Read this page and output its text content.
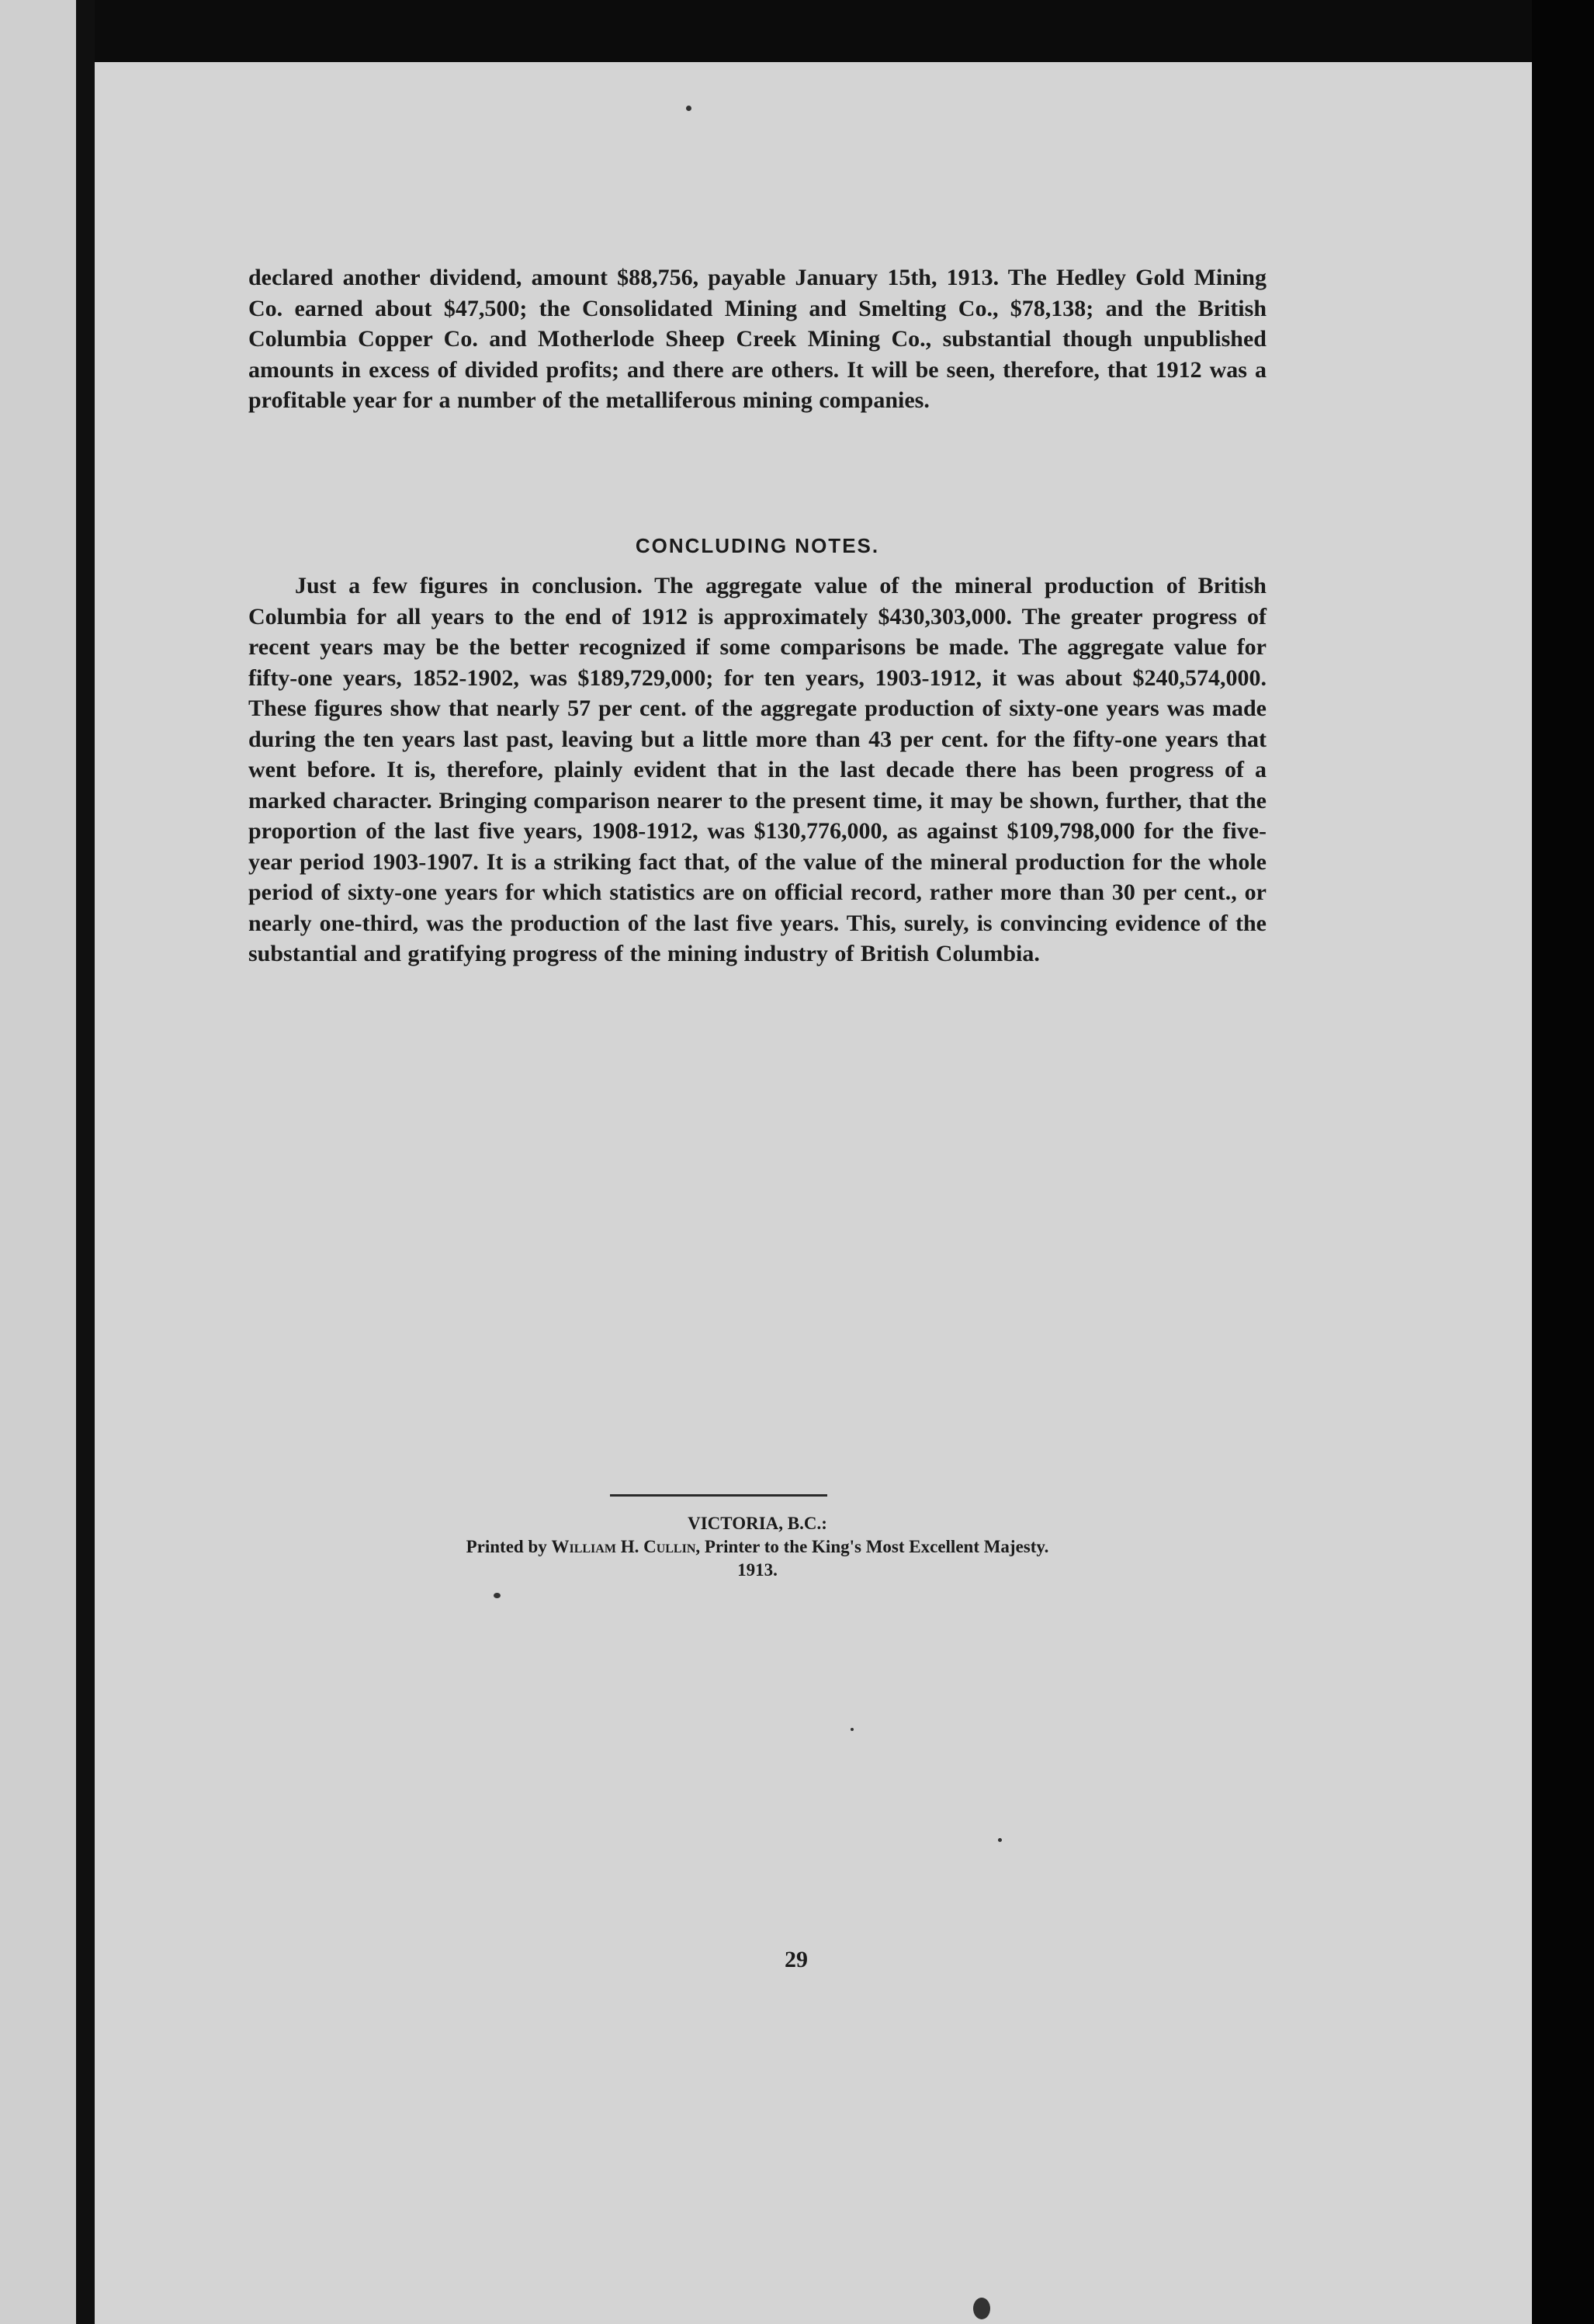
declared another dividend, amount $88,756, payable January 15th, 1913. The Hedley Gold Mining Co. earned about $47,500; the Consolidated Mining and Smelting Co., $78,138; and the British Columbia Copper Co. and Motherlode Sheep Creek Mining Co., substantial though unpublished amounts in excess of divided profits; and there are others. It will be seen, therefore, that 1912 was a profitable year for a number of the metalliferous mining companies.
CONCLUDING NOTES.
Just a few figures in conclusion. The aggregate value of the mineral production of British Columbia for all years to the end of 1912 is approximately $430,303,000. The greater progress of recent years may be the better recognized if some comparisons be made. The aggregate value for fifty-one years, 1852-1902, was $189,729,000; for ten years, 1903-1912, it was about $240,574,000. These figures show that nearly 57 per cent. of the aggregate production of sixty-one years was made during the ten years last past, leaving but a little more than 43 per cent. for the fifty-one years that went before. It is, therefore, plainly evident that in the last decade there has been progress of a marked character. Bringing comparison nearer to the present time, it may be shown, further, that the proportion of the last five years, 1908-1912, was $130,776,000, as against $109,798,000 for the five-year period 1903-1907. It is a striking fact that, of the value of the mineral production for the whole period of sixty-one years for which statistics are on official record, rather more than 30 per cent., or nearly one-third, was the production of the last five years. This, surely, is convincing evidence of the substantial and gratifying progress of the mining industry of British Columbia.
VICTORIA, B.C.:
Printed by William H. Cullin, Printer to the King's Most Excellent Majesty.
1913.
29
